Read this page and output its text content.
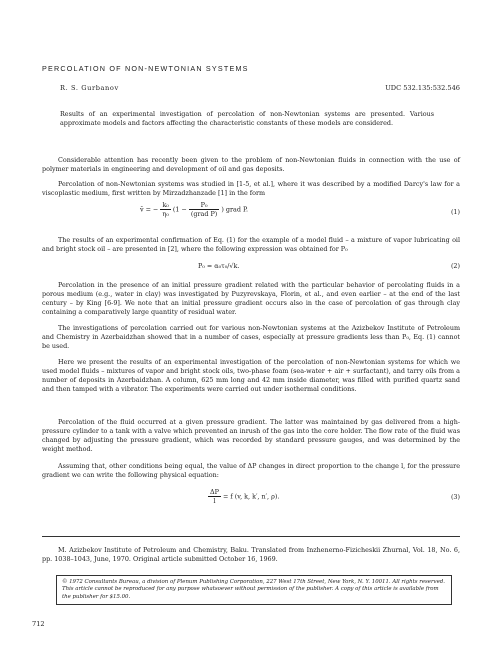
PERCOLATION OF NON-NEWTONIAN SYSTEMS
R. S. Gurbanov	UDC 532.135:532.546
Results of an experimental investigation of percolation of non-Newtonian systems are presented. Various approximate models and factors affecting the characteristic constants of these models are considered.
Considerable attention has recently been given to the problem of non-Newtonian fluids in connection with the use of polymer materials in engineering and development of oil and gas deposits.
Percolation of non-Newtonian systems was studied in [1-5, et al.], where it was described by a modified Darcy's law for a viscoplastic medium, first written by Mirzadzhanzade [1] in the form
v̄ = − $\frac{\text{k₀}}{\text{η₀}} (1 - \frac{\text{P₀}}{\text{(grad P)}}$ ) grad P.	(1)
The results of an experimental confirmation of Eq. (1) for the example of a model fluid – a mixture of vapor lubricating oil and bright stock oil – are presented in [2], where the following expression was obtained for P₀
P₀ = α₀τ₀/√k.	(2)
Percolation in the presence of an initial pressure gradient related with the particular behavior of percolating fluids in a porous medium (e.g., water in clay) was investigated by Puzyrevskaya, Florin, et al., and even earlier – at the end of the last century – by King [6-9]. We note that an initial pressure gradient occurs also in the case of percolation of gas through clay containing a comparatively large quantity of residual water.
The investigations of percolation carried out for various non-Newtonian systems at the Azizbekov Institute of Petroleum and Chemistry in Azerbaidzhan showed that in a number of cases, especially at pressure gradients less than P₀, Eq. (1) cannot be used.
Here we present the results of an experimental investigation of the percolation of non-Newtonian systems for which we used model fluids – mixtures of vapor and bright stock oils, two-phase foam (sea-water + air + surfactant), and tarry oils from a number of deposits in Azerbaidzhan. A column, 625 mm long and 42 mm inside diameter, was filled with purified quartz sand and then tamped with a vibrator. The experiments were carried out under isothermal conditions.
Percolation of the fluid occurred at a given pressure gradient. The latter was maintained by gas delivered from a high-pressure cylinder to a tank with a valve which prevented an inrush of the gas into the core holder. The flow rate of the fluid was changed by adjusting the pressure gradient, which was recorded by standard pressure gauges, and was determined by the weight method.
Assuming that, other conditions being equal, the value of ΔP changes in direct proportion to the change l, for the pressure gradient we can write the following physical equation:
$\frac{\Delta P}{l} = f$ (v, k, k′, n′, ρ).	(3)
M. Azizbekov Institute of Petroleum and Chemistry, Baku. Translated from Inzhenerno-Fizicheskii Zhurnal, Vol. 18, No. 6, pp. 1038–1043, June, 1970. Original article submitted October 16, 1969.
© 1972 Consultants Bureau, a division of Plenum Publishing Corporation, 227 West 17th Street, New York, N. Y. 10011. All rights reserved. This article cannot be reproduced for any purpose whatsoever without permission of the publisher. A copy of this article is available from the publisher for $15.00.
712
